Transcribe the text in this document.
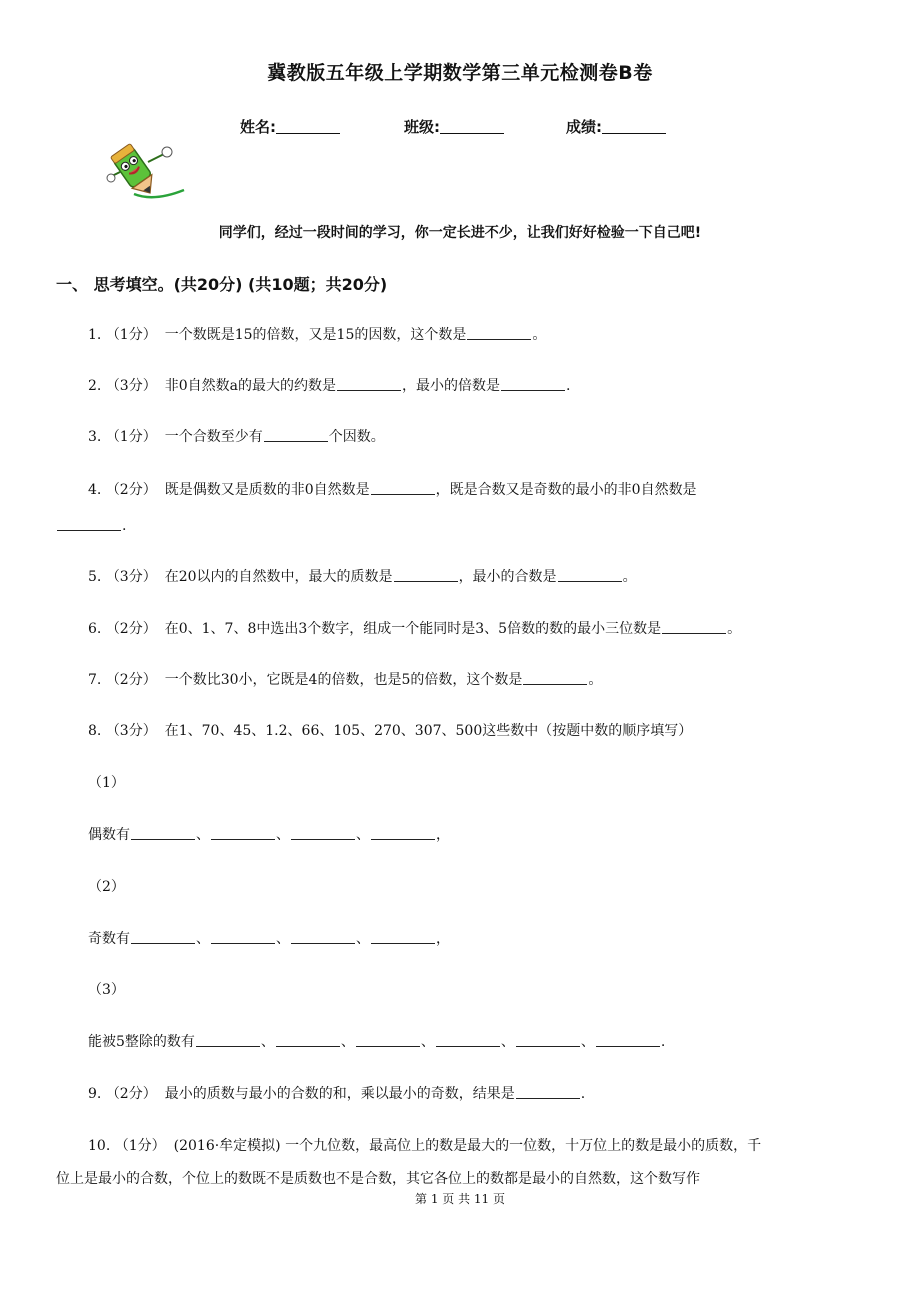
冀教版五年级上学期数学第三单元检测卷B卷
姓名:	班级:	成绩:
同学们，经过一段时间的学习，你一定长进不少，让我们好好检验一下自己吧!
一、 思考填空。(共20分) (共10题；共20分)
1. （1分） 一个数既是15的倍数，又是15的因数，这个数是	。
2. （3分） 非0自然数a的最大的约数是	，最小的倍数是	.
3. （1分） 一个合数至少有	个因数。
4. （2分） 既是偶数又是质数的非0自然数是	，既是合数又是奇数的最小的非0自然数是
.
5. （3分） 在20以内的自然数中，最大的质数是	，最小的合数是	。
6. （2分） 在0、1、7、8中选出3个数字，组成一个能同时是3、5倍数的数的最小三位数是	。
7. （2分） 一个数比30小，它既是4的倍数，也是5的倍数，这个数是	。
8. （3分） 在1、70、45、1.2、66、105、270、307、500这些数中（按题中数的顺序填写）
（1）
偶数有	、	、	、	，
（2）
奇数有	、	、	、	，
（3）
能被5整除的数有	、	、	、	、	、	.
9. （2分） 最小的质数与最小的合数的和，乘以最小的奇数，结果是	.
10. （1分） (2016·牟定模拟) 一个九位数，最高位上的数是最大的一位数，十万位上的数是最小的质数，千
位上是最小的合数，个位上的数既不是质数也不是合数，其它各位上的数都是最小的自然数，这个数写作
第 1 页 共 11 页
